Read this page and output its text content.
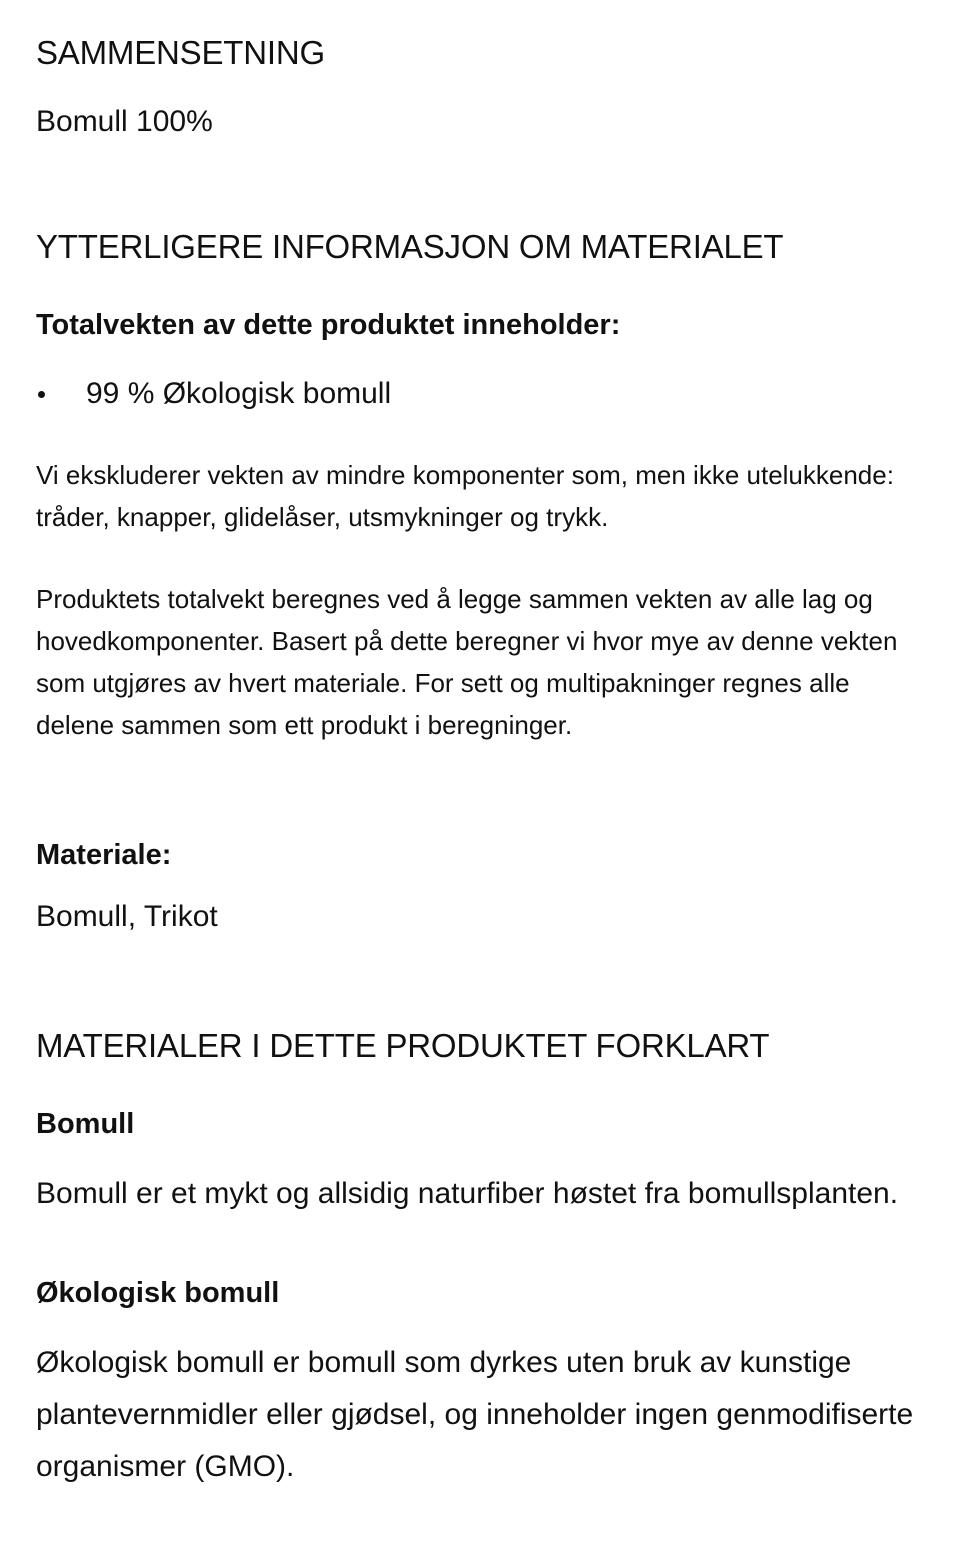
SAMMENSETNING

Bomull 100%

YTTERLIGERE INFORMASJON OM MATERIALET
Totalvekten av dette produktet inneholder:
99 % Økologisk bomull

Vi ekskluderer vekten av mindre komponenter som, men ikke utelukkende: tråder, knapper, glidelåser, utsmykninger og trykk.

Produktets totalvekt beregnes ved å legge sammen vekten av alle lag og hovedkomponenter. Basert på dette beregner vi hvor mye av denne vekten som utgjøres av hvert materiale. For sett og multipakninger regnes alle delene sammen som ett produkt i beregninger.

Materiale:

Bomull, Trikot

MATERIALER I DETTE PRODUKTET FORKLART
Bomull

Bomull er et mykt og allsidig naturfiber høstet fra bomullsplanten.

Økologisk bomull

Økologisk bomull er bomull som dyrkes uten bruk av kunstige plantevernmidler eller gjødsel, og inneholder ingen genmodifiserte organismer (GMO).
